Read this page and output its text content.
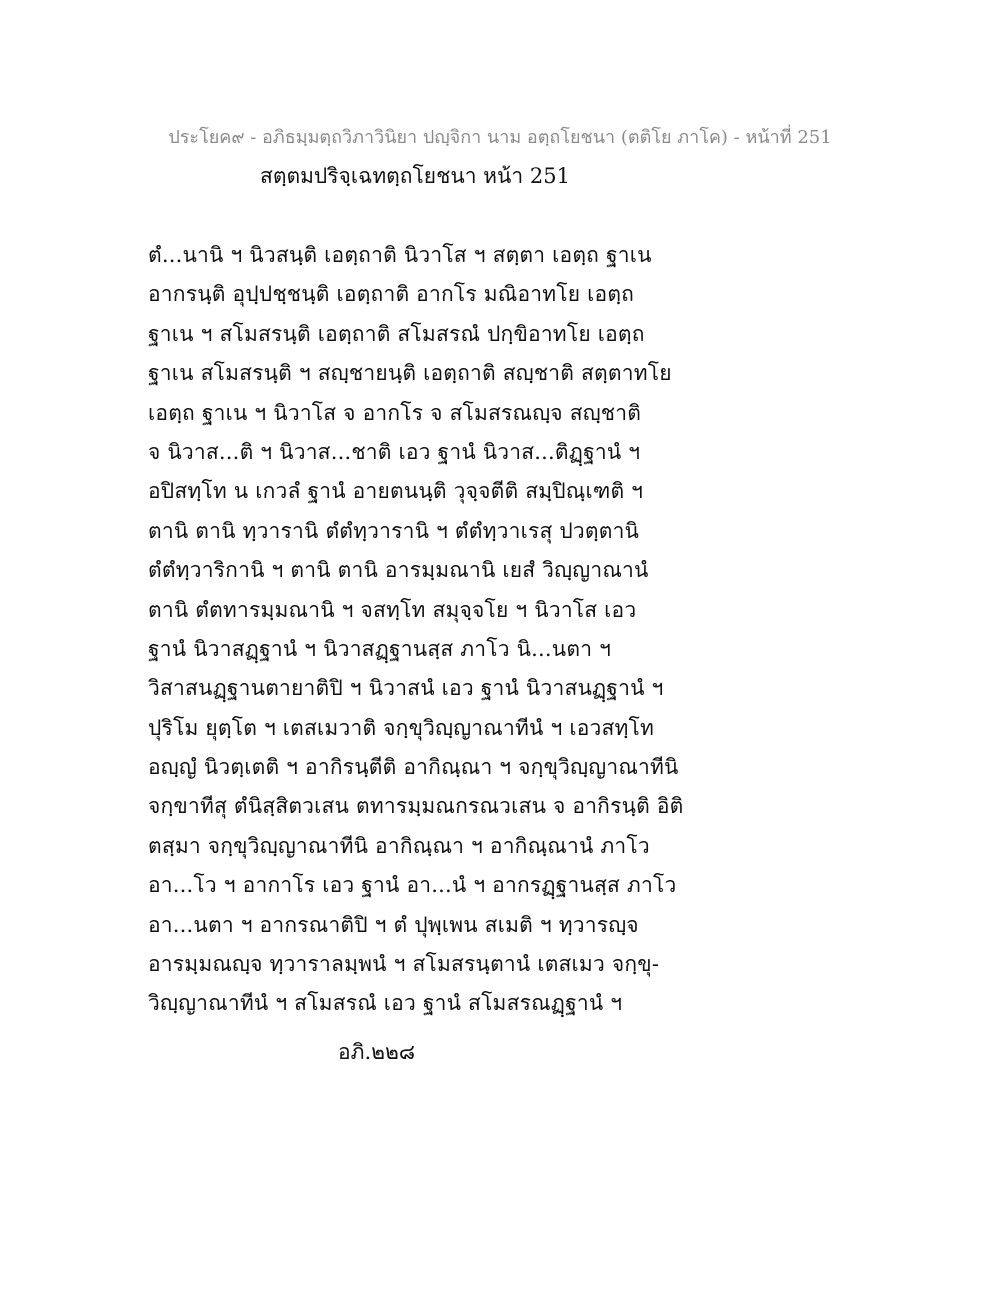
ประโยค๙ - อภิธมฺมตฺถวิภาวินิยา ปญฺจิกา นาม อตฺถโยชนา (ตติโย ภาโค) - หน้าที่ 251
สตฺตมปริจฺเฉทตฺถโยชนา หน้า 251
ตํ...นานิ ฯ นิวสนฺติ เอตฺถาติ นิวาโส ฯ สตฺตา เอตฺถ ฐาเน
อากรนฺติ อุปฺปชฺชนฺติ เอตฺถาติ อากโร มณิอาทโย เอตฺถ
ฐาเน ฯ สโมสรนฺติ เอตฺถาติ สโมสรณํ ปกฺขิอาทโย เอตฺถ
ฐาเน สโมสรนฺติ ฯ สญฺชายนฺติ เอตฺถาติ สญฺชาติ สตฺตาทโย
เอตฺถ ฐาเน ฯ นิวาโส จ อากโร จ สโมสรณญฺจ สญฺชาติ
จ นิวาส...ติ ฯ นิวาส...ชาติ เอว ฐานํ นิวาส...ติฏฺฐานํ ฯ
อปิสทฺโท น เกวลํ ฐานํ อายตนนฺติ วุจฺจตีติ สมฺปิณฺเฑติ ฯ
ตานิ ตานิ ทฺวารานิ ตํตํทฺวารานิ ฯ ตํตํทฺวาเรสุ ปวตฺตานิ
ตํตํทฺวาริกานิ ฯ ตานิ ตานิ อารมฺมณานิ เยสํ วิญฺญาณานํ
ตานิ ตํตทารมฺมณานิ ฯ จสทฺโท สมุจฺจโย ฯ นิวาโส เอว
ฐานํ นิวาสฏฺฐานํ ฯ นิวาสฏฺฐานสฺส ภาโว นิ...นตา ฯ
วิสาสนฏฺฐานตายาติปิ ฯ นิวาสนํ เอว ฐานํ นิวาสนฏฺฐานํ ฯ
ปุริโม ยุตฺโต ฯ เตสเมวาติ จกฺขุวิญฺญาณาทีนํ ฯ เอวสทฺโท
อญฺญํ นิวตฺเตติ ฯ อากิรนฺตีติ อากิณฺณา ฯ จกฺขุวิญฺญาณาทีนิ
จกฺขาทีสุ ตํนิสฺสิตวเสน ตทารมฺมณกรณวเสน จ อากิรนฺติ อิติ
ตสฺมา จกฺขุวิญฺญาณาทีนิ อากิณฺณา ฯ อากิณฺณานํ ภาโว
อา...โว ฯ อากาโร เอว ฐานํ อา...นํ ฯ อากรฏฺฐานสฺส ภาโว
อา...นตา ฯ อากรณาติปิ ฯ ตํ ปุพฺเพน สเมติ ฯ ทฺวารญฺจ
อารมฺมณญฺจ ทฺวาราลมฺพนํ ฯ สโมสรนฺตานํ เตสเมว จกฺขุ-
วิญฺญาณาทีนํ ฯ สโมสรณํ เอว ฐานํ สโมสรณฏฺฐานํ ฯ
อภิ.๒๒๘
